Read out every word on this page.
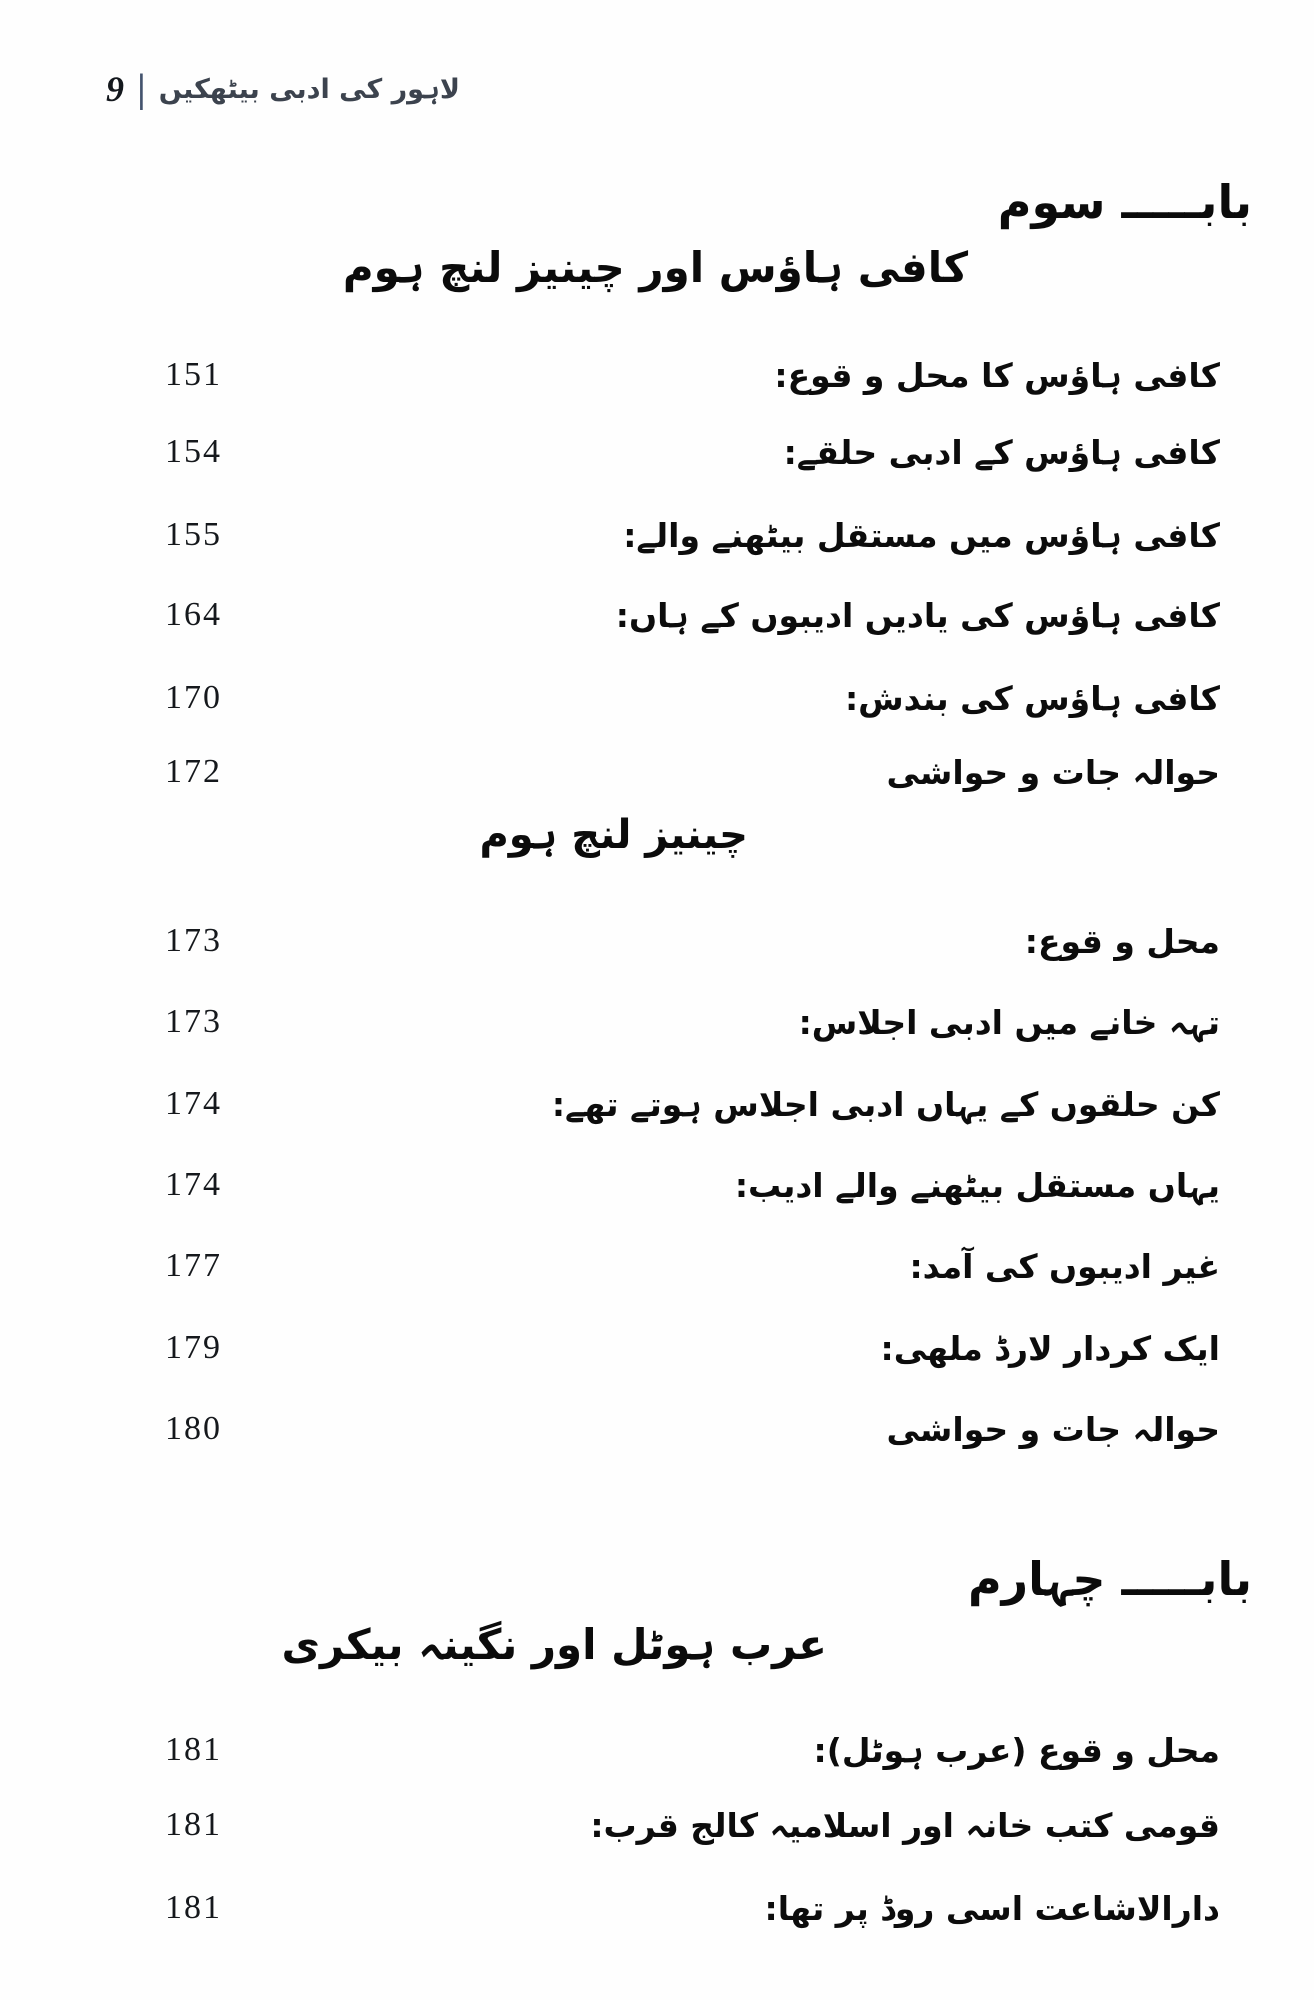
لاہور کی ادبی بیٹھکیں
|
9
بابـــــ سوم
کافی ہاؤس اور چینیز لنچ ہوم
151	کافی ہاؤس کا محل و قوع:
154	کافی ہاؤس کے ادبی حلقے:
155	کافی ہاؤس میں مستقل بیٹھنے والے:
164	کافی ہاؤس کی یادیں ادیبوں کے ہاں:
170	کافی ہاؤس کی بندش:
172	حوالہ جات و حواشی
چینیز لنچ ہوم
173	محل و قوع:
173	تہہ خانے میں ادبی اجلاس:
174	کن حلقوں کے یہاں ادبی اجلاس ہوتے تھے:
174	یہاں مستقل بیٹھنے والے ادیب:
177	غیر ادیبوں کی آمد:
179	ایک کردار لارڈ ملھی:
180	حوالہ جات و حواشی
بابـــــ چہارم
عرب ہوٹل اور نگینہ بیکری
181	محل و قوع (عرب ہوٹل):
181	قومی کتب خانہ اور اسلامیہ کالج قرب:
181	دارالاشاعت اسی روڈ پر تھا:
